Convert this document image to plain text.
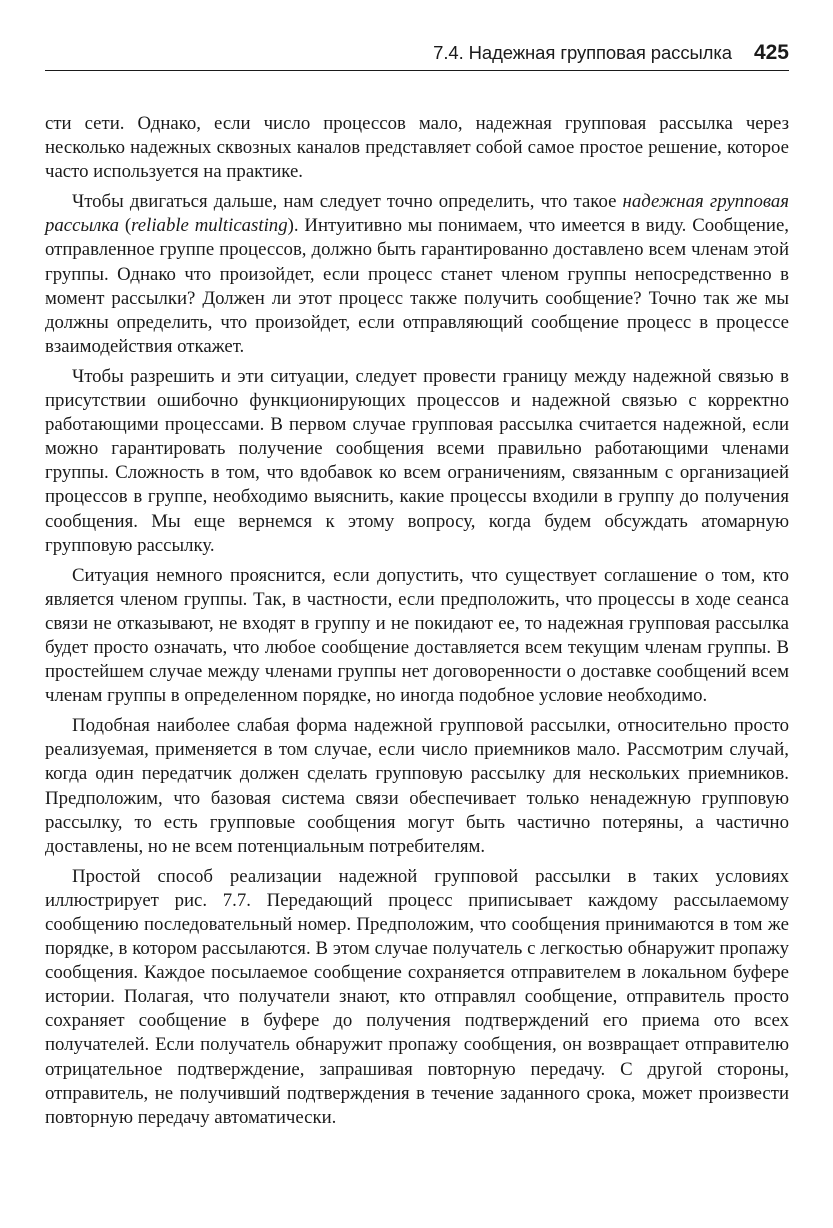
7.4. Надежная групповая рассылка 425

сти сети. Однако, если число процессов мало, надежная групповая рассылка через несколько надежных сквозных каналов представляет собой самое простое решение, которое часто используется на практике.

Чтобы двигаться дальше, нам следует точно определить, что такое надежная групповая рассылка (reliable multicasting). Интуитивно мы понимаем, что имеется в виду. Сообщение, отправленное группе процессов, должно быть гарантированно доставлено всем членам этой группы. Однако что произойдет, если процесс станет членом группы непосредственно в момент рассылки? Должен ли этот процесс также получить сообщение? Точно так же мы должны определить, что произойдет, если отправляющий сообщение процесс в процессе взаимодействия откажет.

Чтобы разрешить и эти ситуации, следует провести границу между надежной связью в присутствии ошибочно функционирующих процессов и надежной связью с корректно работающими процессами. В первом случае групповая рассылка считается надежной, если можно гарантировать получение сообщения всеми правильно работающими членами группы. Сложность в том, что вдобавок ко всем ограничениям, связанным с организацией процессов в группе, необходимо выяснить, какие процессы входили в группу до получения сообщения. Мы еще вернемся к этому вопросу, когда будем обсуждать атомарную групповую рассылку.

Ситуация немного прояснится, если допустить, что существует соглашение о том, кто является членом группы. Так, в частности, если предположить, что процессы в ходе сеанса связи не отказывают, не входят в группу и не покидают ее, то надежная групповая рассылка будет просто означать, что любое сообщение доставляется всем текущим членам группы. В простейшем случае между членами группы нет договоренности о доставке сообщений всем членам группы в определенном порядке, но иногда подобное условие необходимо.

Подобная наиболее слабая форма надежной групповой рассылки, относительно просто реализуемая, применяется в том случае, если число приемников мало. Рассмотрим случай, когда один передатчик должен сделать групповую рассылку для нескольких приемников. Предположим, что базовая система связи обеспечивает только ненадежную групповую рассылку, то есть групповые сообщения могут быть частично потеряны, а частично доставлены, но не всем потенциальным потребителям.

Простой способ реализации надежной групповой рассылки в таких условиях иллюстрирует рис. 7.7. Передающий процесс приписывает каждому рассылаемому сообщению последовательный номер. Предположим, что сообщения принимаются в том же порядке, в котором рассылаются. В этом случае получатель с легкостью обнаружит пропажу сообщения. Каждое посылаемое сообщение сохраняется отправителем в локальном буфере истории. Полагая, что получатели знают, кто отправлял сообщение, отправитель просто сохраняет сообщение в буфере до получения подтверждений его приема ото всех получателей. Если получатель обнаружит пропажу сообщения, он возвращает отправителю отрицательное подтверждение, запрашивая повторную передачу. С другой стороны, отправитель, не получивший подтверждения в течение заданного срока, может произвести повторную передачу автоматически.
